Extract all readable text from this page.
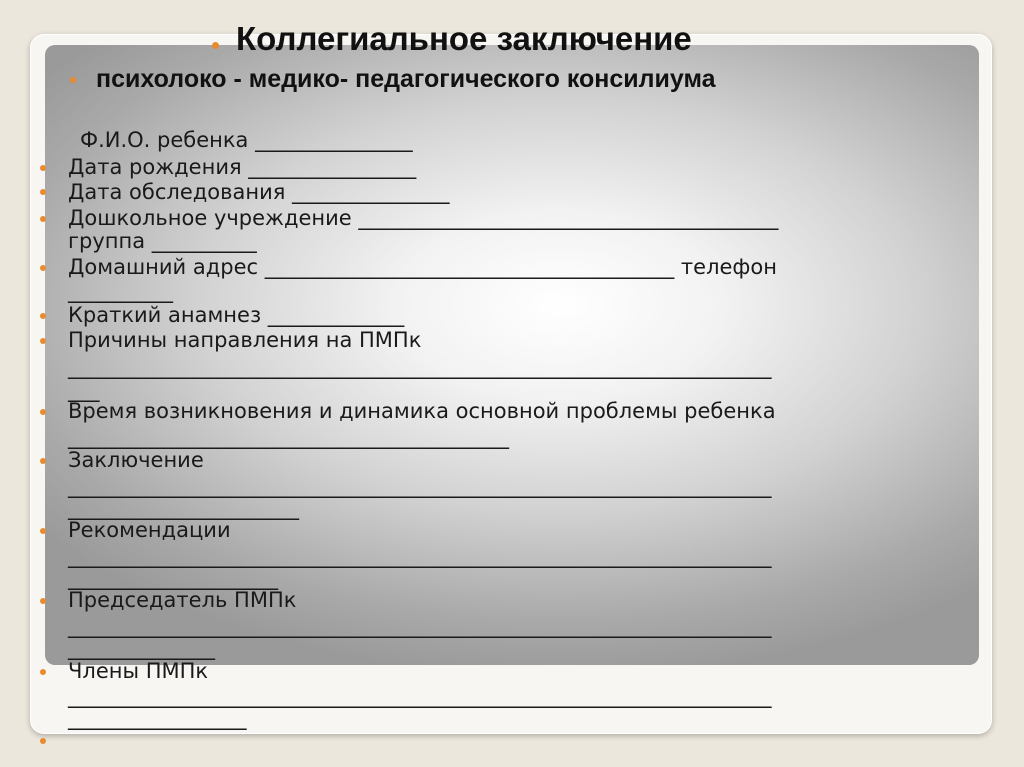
Коллегиальное заключение
психолоко - медико- педагогического консилиума
Ф.И.О. ребенка _______________
Дата рождения ________________
Дата обследования _______________
Дошкольное учреждение ________________________________________
группа __________
Домашний адрес _______________________________________ телефон
__________
Краткий анамнез _____________
Причины направления на ПМПк
___________________________________________________________________
___
Время возникновения и динамика основной проблемы ребенка
__________________________________________
Заключение
___________________________________________________________________
______________________
Рекомендации
___________________________________________________________________
____________________
Председатель ПМПк
___________________________________________________________________
______________
Члены ПМПк
___________________________________________________________________
_________________
